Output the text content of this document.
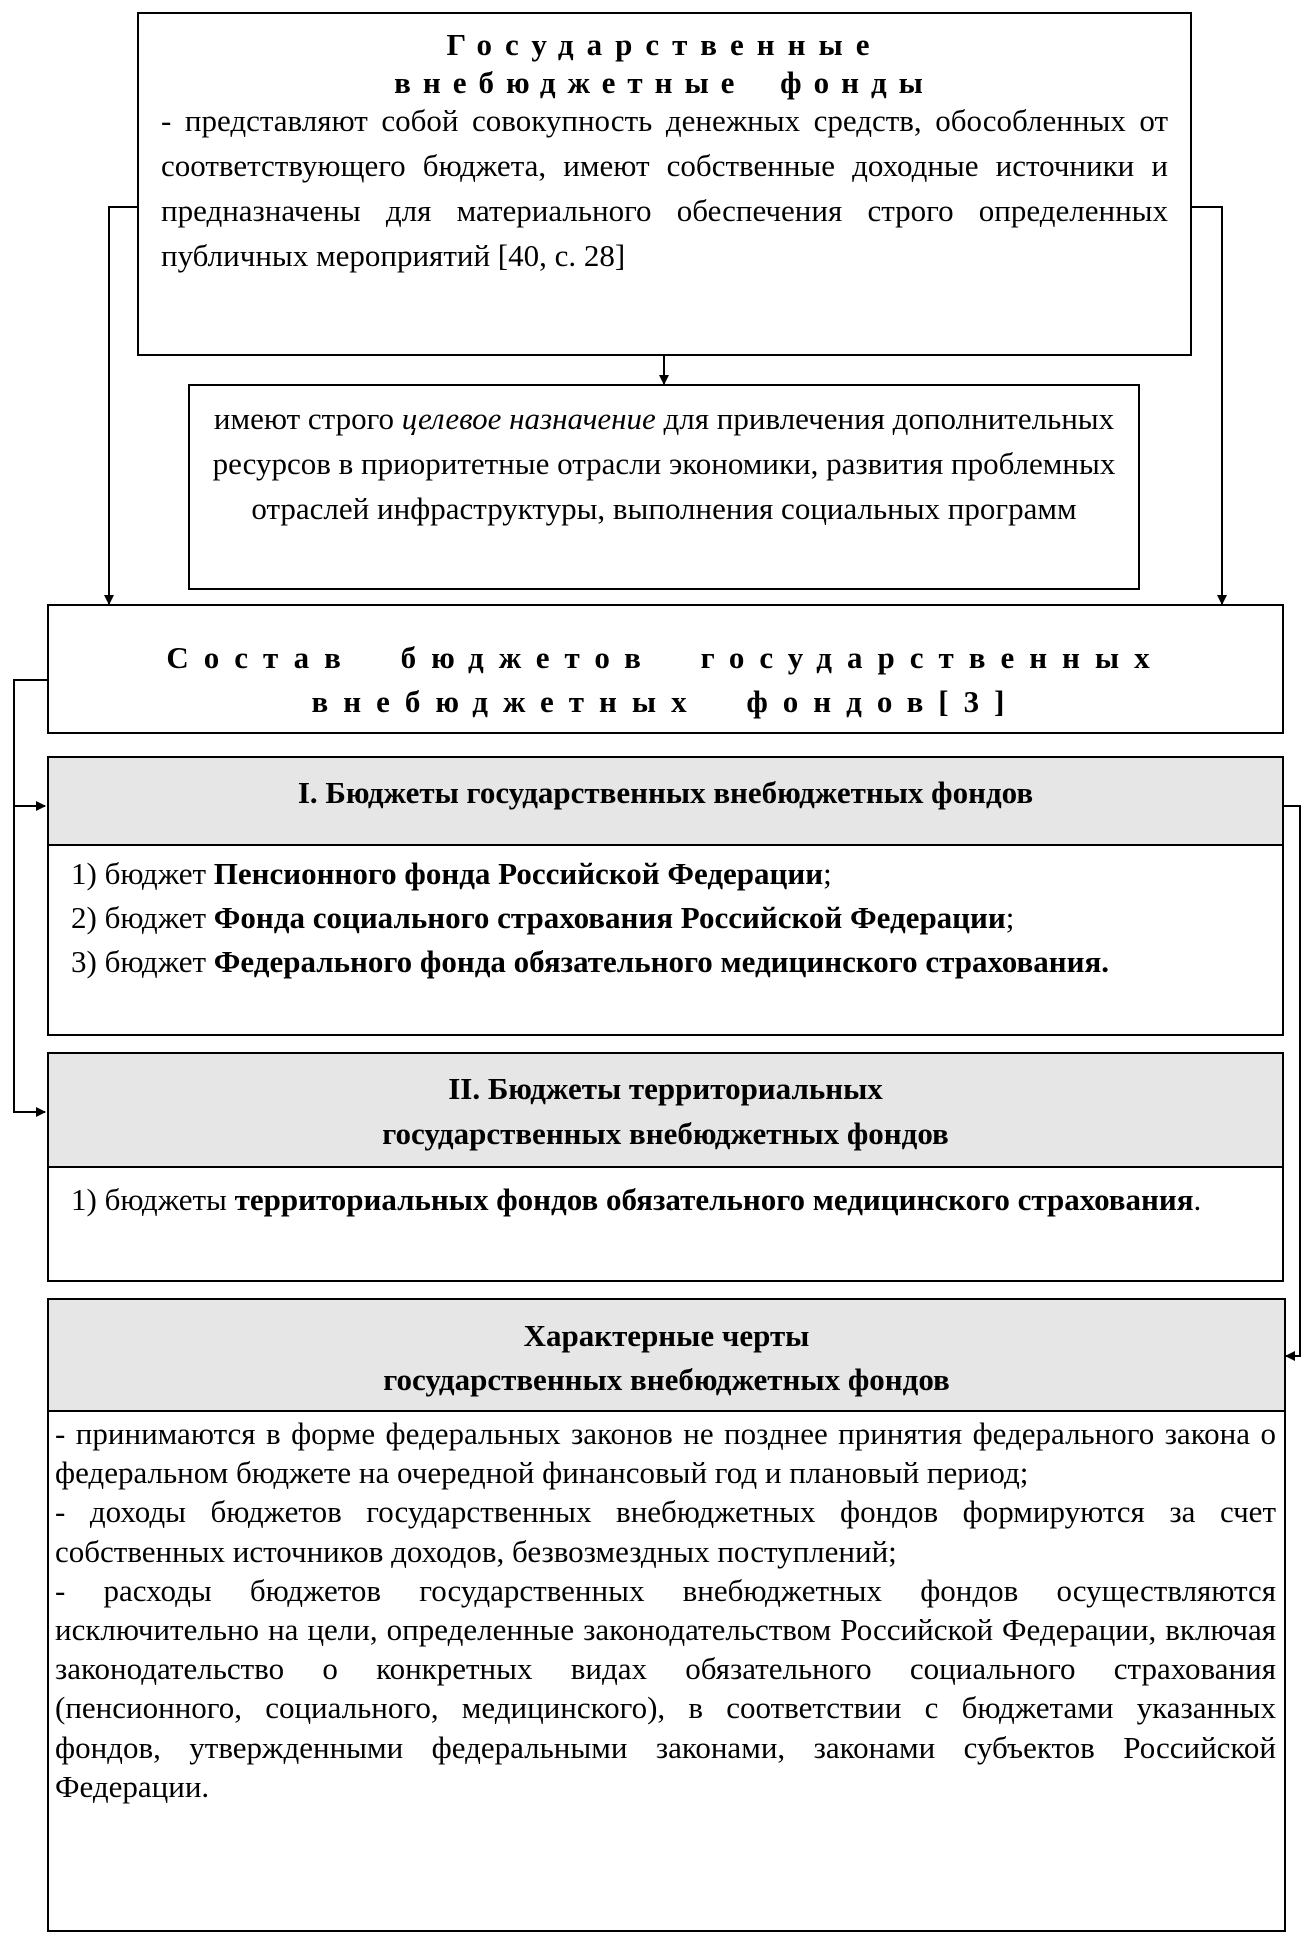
Государственные
внебюджетные фонды
- представляют собой совокупность денежных средств, обособленных от соответствующего бюджета, имеют собственные доходные источники и предназначены для материального обеспечения строго определенных публичных мероприятий [40, с. 28]
имеют строго целевое назначение для привлечения дополнительных ресурсов в приоритетные отрасли экономики, развития проблемных отраслей инфраструктуры, выполнения социальных программ
Состав бюджетов государственных
внебюджетных фондов[3]
I. Бюджеты государственных внебюджетных фондов
1) бюджет Пенсионного фонда Российской Федерации;
2) бюджет Фонда социального страхования Российской Федерации;
3) бюджет Федерального фонда обязательного медицинского страхования.
II. Бюджеты территориальных
государственных внебюджетных фондов
1) бюджеты территориальных фондов обязательного медицинского страхования.
Характерные черты
государственных внебюджетных фондов
- принимаются в форме федеральных законов не позднее принятия федерального закона о федеральном бюджете на очередной финансовый год и плановый период;
- доходы бюджетов государственных внебюджетных фондов формируются за счет собственных источников доходов, безвозмездных поступлений;
- расходы бюджетов государственных внебюджетных фондов осуществляются исключительно на цели, определенные законодательством Российской Федерации, включая законодательство о конкретных видах обязательного социального страхования (пенсионного, социального, медицинского), в соответствии с бюджетами указанных фондов, утвержденными федеральными законами, законами субъектов Российской Федерации.
